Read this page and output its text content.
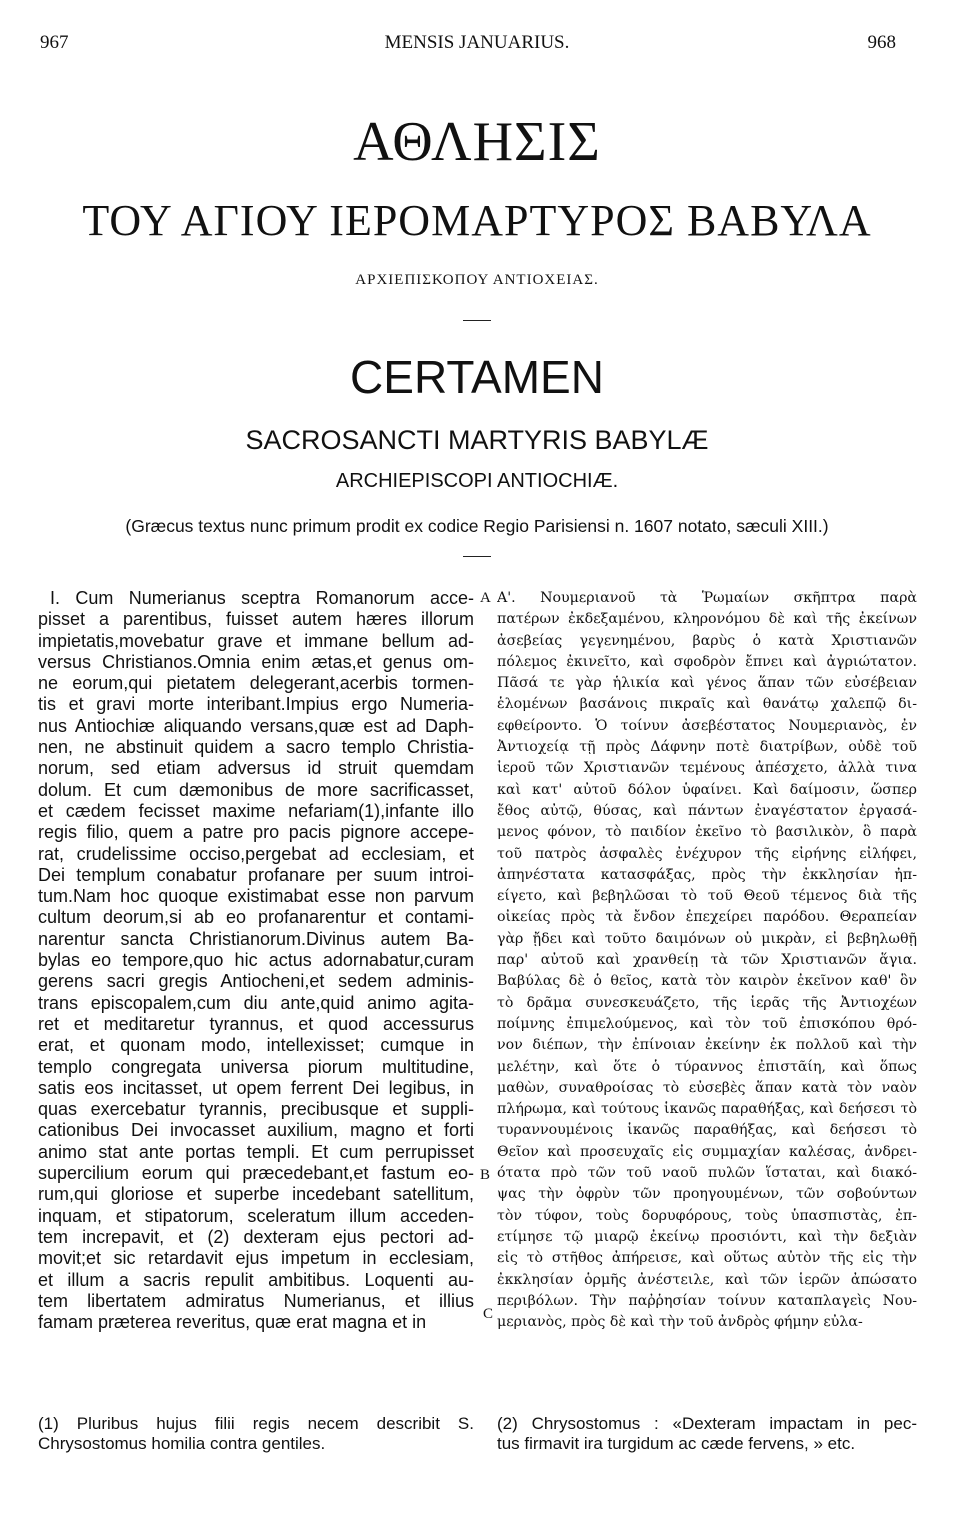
967	MENSIS JANUARIUS.	968
ΑΘΛΗΣΙΣ
ΤΟΥ ΑΓΙΟΥ ΙΕΡΟΜΑΡΤΥΡΟΣ ΒΑΒΥΛΑ
ΑΡΧΙΕΠΙΣΚΟΠΟΥ ΑΝΤΙΟΧΕΙΑΣ.
CERTAMEN
SACROSANCTI MARTYRIS BABYLÆ
ARCHIEPISCOPI ANTIOCHIÆ.
(Græcus textus nunc primum prodit ex codice Regio Parisiensi n. 1607 notato, sæculi XIII.)
I. Cum Numerianus sceptra Romanorum acce-
pisset a parentibus, fuisset autem hæres illorum
impietatis,movebatur grave et immane bellum ad-
versus Christianos.Omnia enim ætas,et genus om-
ne eorum,qui pietatem delegerant,acerbis tormen-
tis et gravi morte interibant.Impius ergo Numeria-
nus Antiochiæ aliquando versans,quæ est ad Daph-
nen, ne abstinuit quidem a sacro templo Christia-
norum, sed etiam adversus id struit quemdam
dolum. Et cum dæmonibus de more sacrificasset,
et cædem fecisset maxime nefariam(1),infante illo
regis filio, quem a patre pro pacis pignore accepe-
rat, crudelissime occiso,pergebat ad ecclesiam, et
Dei templum conabatur profanare per suum introi-
tum.Nam hoc quoque existimabat esse non parvum
cultum deorum,si ab eo profanarentur et contami-
narentur sancta Christianorum.Divinus autem Ba-
bylas eo tempore,quo hic actus adornabatur,curam
gerens sacri gregis Antiocheni,et sedem adminis-
trans episcopalem,cum diu ante,quid animo agita-
ret et meditaretur tyrannus, et quod accessurus
erat, et quonam modo, intellexisset; cumque in
templo congregata universa piorum multitudine,
satis eos incitasset, ut opem ferrent Dei legibus, in
quas exercebatur tyrannis, precibusque et suppli-
cationibus Dei invocasset auxilium, magno et forti
animo stat ante portas templi. Et cum perrupisset
supercilium eorum qui præcedebant,et fastum eo-
rum,qui gloriose et superbe incedebant satellitum,
inquam, et stipatorum, sceleratum illum acceden-
tem increpavit, et (2) dexteram ejus pectori ad-
movit;et sic retardavit ejus impetum in ecclesiam,
et illum a sacris repulit ambitibus. Loquenti au-
tem libertatem admiratus Numerianus, et illius
famam præterea reveritus, quæ erat magna et in
Α'. Νουμεριανοῦ τὰ Ῥωμαίων σκῆπτρα παρὰ
πατέρων ἐκδεξαμένου, κληρονόμου δὲ καὶ τῆς ἐκείνων
ἀσεβείας γεγενημένου, βαρὺς ὁ κατὰ Χριστιανῶν
πόλεμος ἐκινεῖτο, καὶ σφοδρὸν ἔπνει καὶ ἀγριώτατον.
Πᾶσά τε γὰρ ἡλικία καὶ γένος ἅπαν τῶν εὐσέβειαν
ἑλομένων βασάνοις πικραῖς καὶ θανάτῳ χαλεπῷ δι-
εφθείροντο. Ὁ τοίνυν ἀσεβέστατος Νουμεριανὸς, ἐν
Ἀντιοχείᾳ τῇ πρὸς Δάφνην ποτὲ διατρίβων, οὐδὲ τοῦ
ἱεροῦ τῶν Χριστιανῶν τεμένους ἀπέσχετο, ἀλλὰ τινα
καὶ κατ' αὐτοῦ δόλον ὑφαίνει. Καὶ δαίμοσιν, ὥσπερ
ἔθος αὐτῷ, θύσας, καὶ πάντων ἐναγέστατον ἐργασά-
μενος φόνον, τὸ παιδίον ἐκεῖνο τὸ βασιλικὸν, ὃ παρὰ
τοῦ πατρὸς ἀσφαλὲς ἐνέχυρον τῆς εἰρήνης εἰλήφει,
ἀπηνέστατα κατασφάξας, πρὸς τὴν ἐκκλησίαν ἠπ-
είγετο, καὶ βεβηλῶσαι τὸ τοῦ Θεοῦ τέμενος διὰ τῆς
οἰκείας πρὸς τὰ ἔνδον ἐπεχείρει παρόδου. Θεραπείαν
γὰρ ᾔδει καὶ τοῦτο δαιμόνων οὐ μικρὰν, εἰ βεβηλωθῇ
παρ' αὐτοῦ καὶ χρανθείῃ τὰ τῶν Χριστιανῶν ἅγια.
Βαβύλας δὲ ὁ θεῖος, κατὰ τὸν καιρὸν ἐκεῖνον καθ' ὃν
τὸ δρᾶμα συνεσκευάζετο, τῆς ἱερᾶς τῆς Ἀντιοχέων
ποίμνης ἐπιμελούμενος, καὶ τὸν τοῦ ἐπισκόπου θρό-
νον διέπων, τὴν ἐπίνοιαν ἐκείνην ἐκ πολλοῦ καὶ τὴν
μελέτην, καὶ ὅτε ὁ τύραννος ἐπιστᾶίη, καὶ ὅπως
μαθὼν, συναθροίσας τὸ εὐσεβὲς ἅπαν κατὰ τὸν ναὸν
πλήρωμα, καὶ τούτους ἱκανῶς παραθήξας, καὶ δεήσεσι τὸ
τυραννουμένοις ἱκανῶς παραθήξας, καὶ δεήσεσι τὸ
Θεῖον καὶ προσευχαῖς εἰς συμμαχίαν καλέσας, ἀνδρει-
ότατα πρὸ τῶν τοῦ ναοῦ πυλῶν ἵσταται, καὶ διακό-
ψας τὴν ὀφρὺν τῶν προηγουμένων, τῶν σοβούντων
τὸν τύφον, τοὺς δορυφόρους, τοὺς ὑπασπιστὰς, ἐπ-
ετίμησε τῷ μιαρῷ ἐκείνῳ προσιόντι, καὶ τὴν δεξιὰν
εἰς τὸ στῆθος ἀπήρεισε, καὶ οὕτως αὐτὸν τῆς εἰς τὴν
ἐκκλησίαν ὁρμῆς ἀνέστειλε, καὶ τῶν ἱερῶν ἀπώσατο
περιβόλων. Τὴν παῤῥησίαν τοίνυν καταπλαγεὶς Νου-
μεριανὸς, πρὸς δὲ καὶ τὴν τοῦ ἀνδρὸς φήμην εὐλα-
A
B
C
(1) Pluribus hujus filii regis necem describit S.
Chrysostomus homilia contra gentiles.
(2) Chrysostomus : «Dexteram impactam in pec-
tus firmavit ira turgidum ac cæde fervens, » etc.
